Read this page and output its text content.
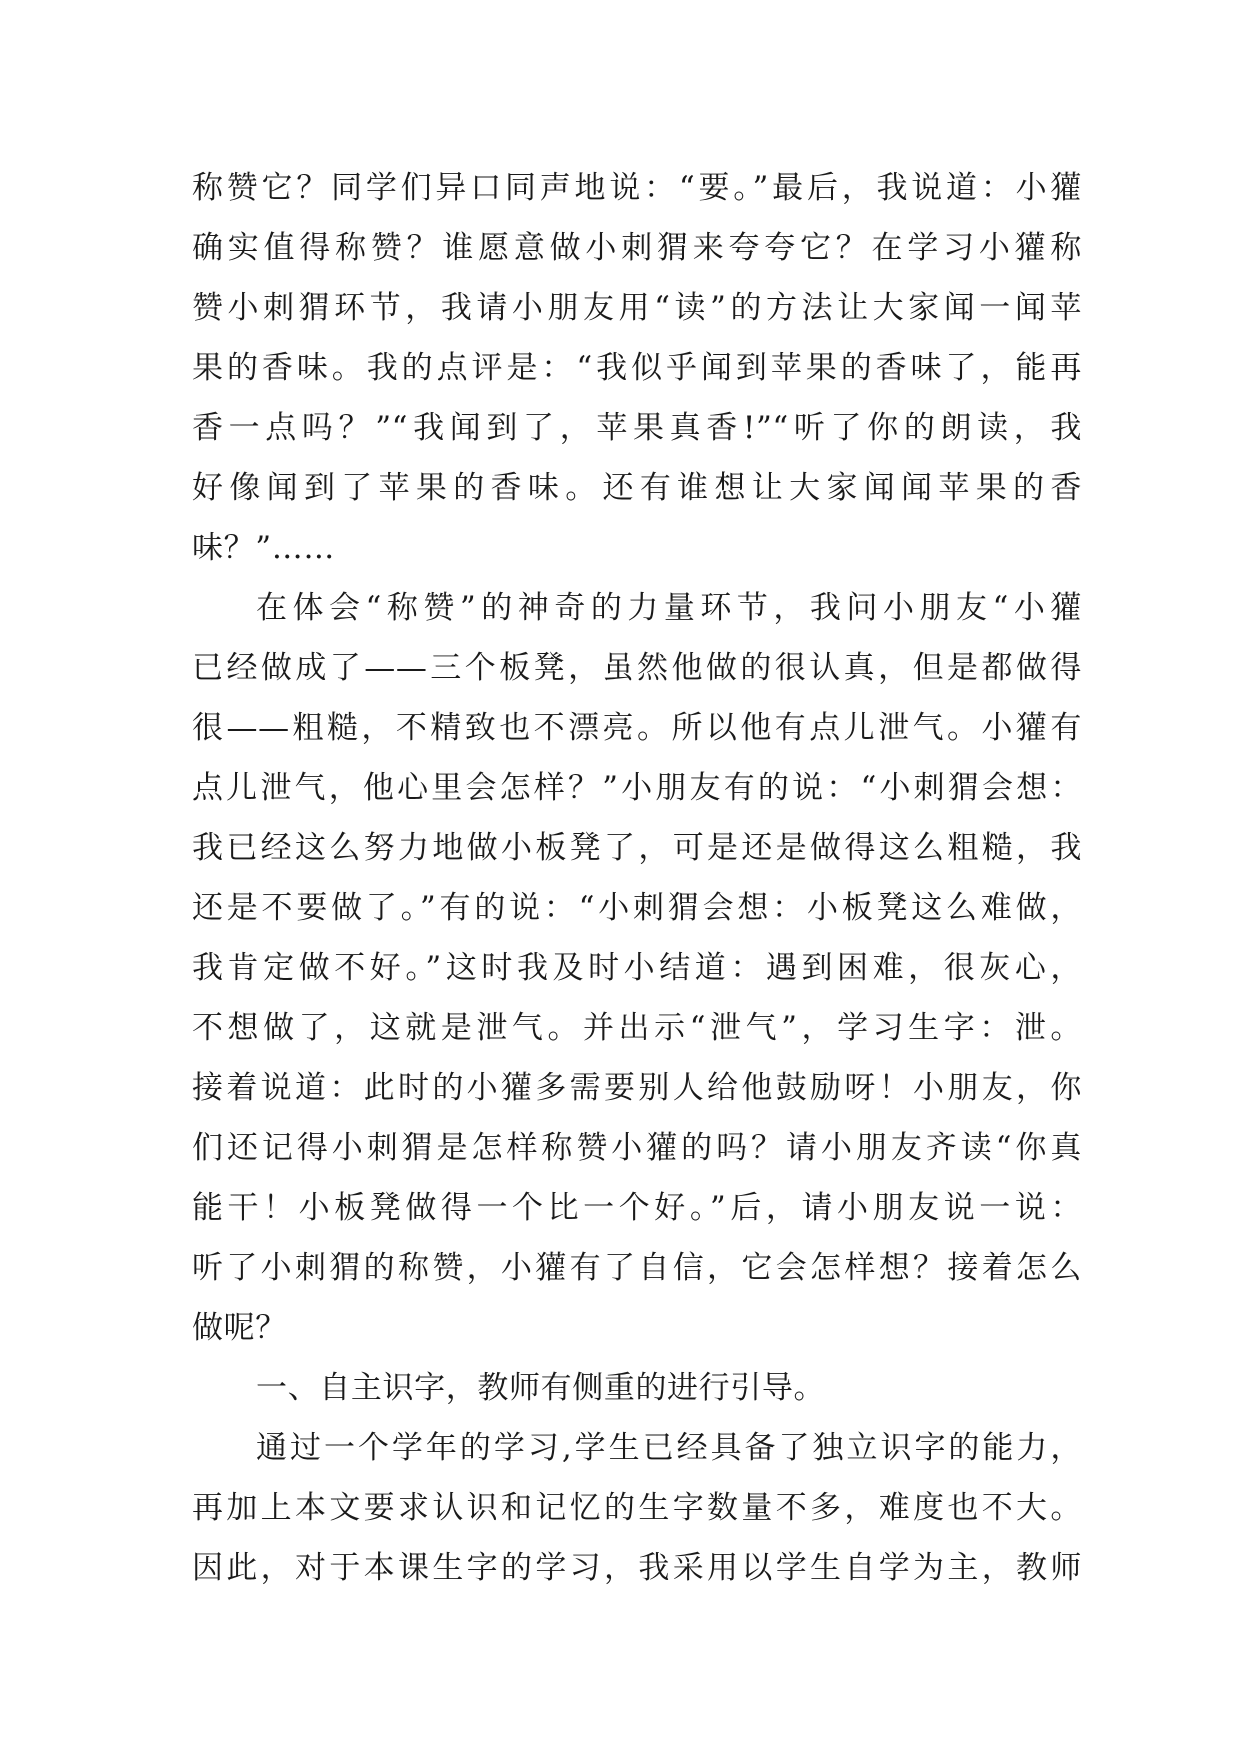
称赞它？同学们异口同声地说：“要。”最后，我说道：小獾
确实值得称赞？谁愿意做小刺猬来夸夸它？在学习小獾称
赞小刺猬环节，我请小朋友用“读”的方法让大家闻一闻苹
果的香味。我的点评是：“我似乎闻到苹果的香味了，能再
香一点吗？”“我闻到了，苹果真香!”“听了你的朗读，我
好像闻到了苹果的香味。还有谁想让大家闻闻苹果的香
味？”……
在体会“称赞”的神奇的力量环节，我问小朋友“小獾
已经做成了——三个板凳，虽然他做的很认真，但是都做得
很——粗糙，不精致也不漂亮。所以他有点儿泄气。小獾有
点儿泄气，他心里会怎样？”小朋友有的说：“小刺猬会想：
我已经这么努力地做小板凳了，可是还是做得这么粗糙，我
还是不要做了。”有的说：“小刺猬会想：小板凳这么难做，
我肯定做不好。”这时我及时小结道：遇到困难，很灰心，
不想做了，这就是泄气。并出示“泄气”，学习生字：泄。
接着说道：此时的小獾多需要别人给他鼓励呀！小朋友，你
们还记得小刺猬是怎样称赞小獾的吗？请小朋友齐读“你真
能干！小板凳做得一个比一个好。”后，请小朋友说一说：
听了小刺猬的称赞，小獾有了自信，它会怎样想？接着怎么
做呢？
一、自主识字，教师有侧重的进行引导。
通过一个学年的学习,学生已经具备了独立识字的能力，
再加上本文要求认识和记忆的生字数量不多，难度也不大。
因此，对于本课生字的学习，我采用以学生自学为主，教师
